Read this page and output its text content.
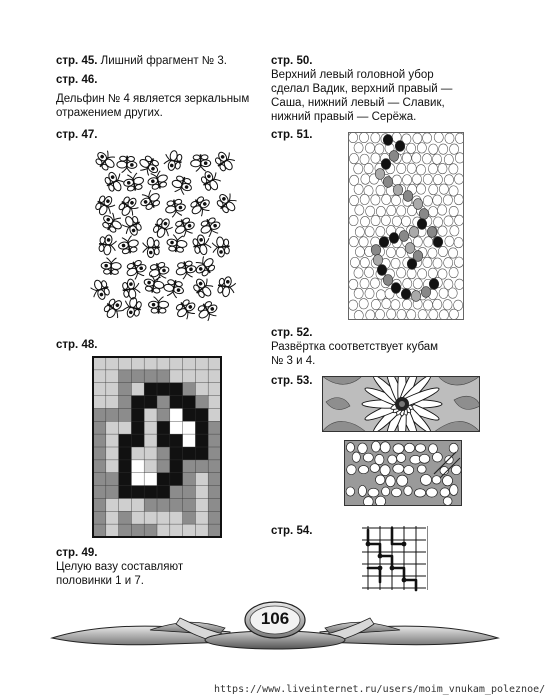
стр. 45. Лишний фрагмент № 3.
стр. 46.
Дельфин № 4 является зеркальным
отражением других.
стр. 47.
стр. 48.
стр. 49.
Целую вазу составляют
половинки 1 и 7.
стр. 50.
Верхний левый головной убор
сделал Вадик, верхний правый —
Саша, нижний левый — Славик,
нижний правый — Серёжа.
стр. 51.
стр. 52.
Развёртка соответствует кубам
№ 3 и 4.
стр. 53.
стр. 54.
106
https://www.liveinternet.ru/users/moim_vnukam_poleznoe/
